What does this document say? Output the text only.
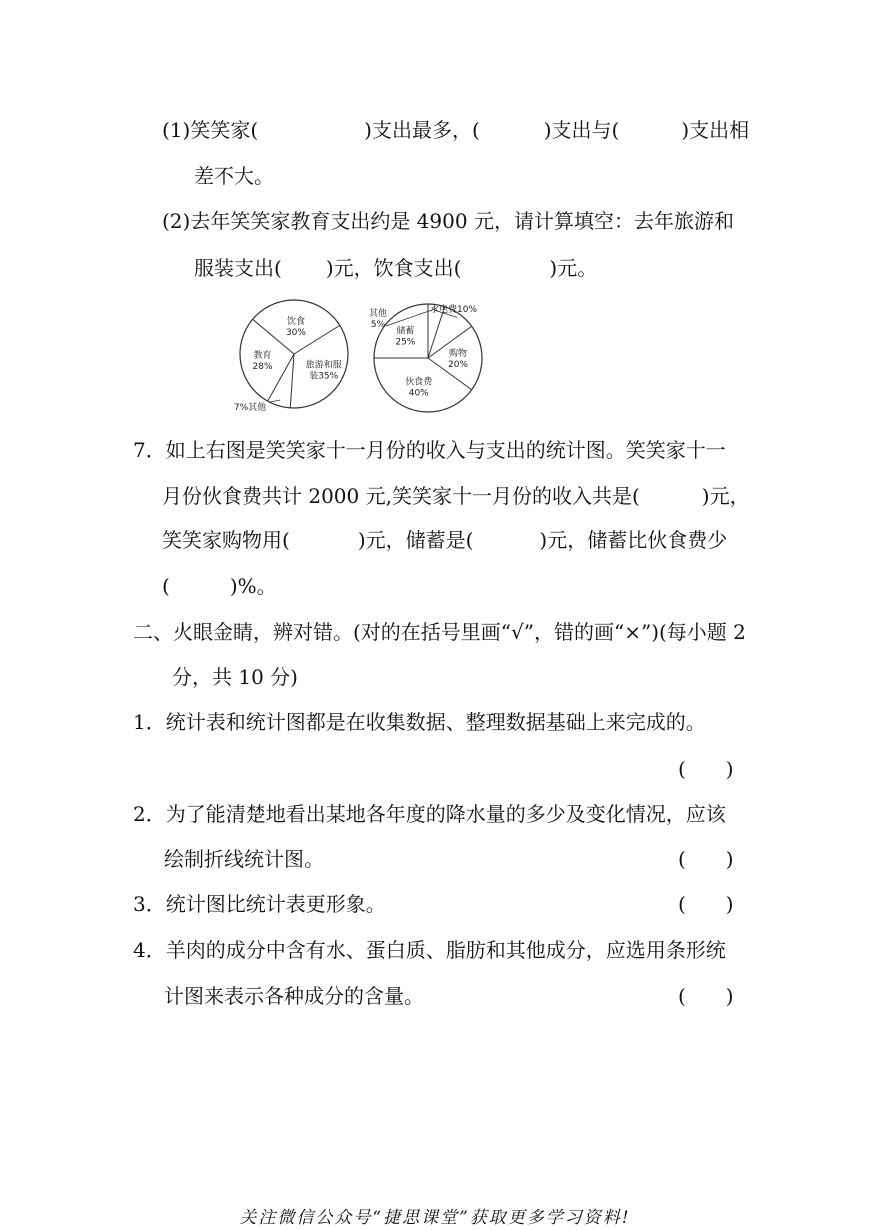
(1)笑笑家(	)支出最多，(	)支出与(	)支出相
差不大。
(2)去年笑笑家教育支出约是 4900 元，请计算填空：去年旅游和
服装支出( )元，饮食支出(	)元。
饮食
30%
旅游和服
装35%
7%其他
教育
28%
水电费10%
购物
20%
伙食费
40%
储蓄
25%
其他
5%
7．如上右图是笑笑家十一月份的收入与支出的统计图。笑笑家十一
月份伙食费共计 2000 元,笑笑家十一月份的收入共是(	)元，
笑笑家购物用(	)元，储蓄是(	)元，储蓄比伙食费少
(	)%。
二、火眼金睛，辨对错。(对的在括号里画“√”，错的画“×”)(每小题 2
分，共 10 分)
1．统计表和统计图都是在收集数据、整理数据基础上来完成的。
(　　)
2．为了能清楚地看出某地各年度的降水量的多少及变化情况，应该
绘制折线统计图。	(　　)
3．统计图比统计表更形象。	(　　)
4．羊肉的成分中含有水、蛋白质、脂肪和其他成分，应选用条形统
计图来表示各种成分的含量。	(　　)
关注微信公众号“捷思课堂”获取更多学习资料!
